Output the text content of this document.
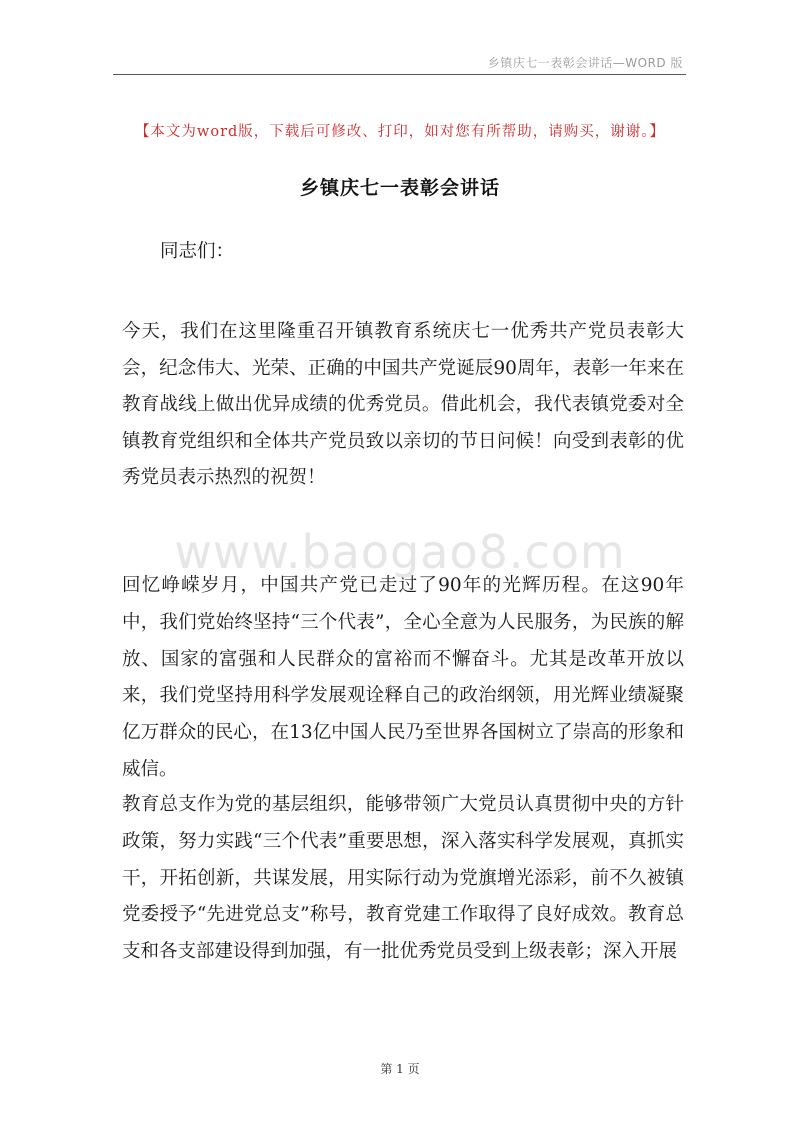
乡镇庆七一表彰会讲话—WORD 版
【本文为word版，下载后可修改、打印，如对您有所帮助，请购买，谢谢。】
乡镇庆七一表彰会讲话
同志们：

今天，我们在这里隆重召开镇教育系统庆七一优秀共产党员表彰大会，纪念伟大、光荣、正确的中国共产党诞辰90周年，表彰一年来在教育战线上做出优异成绩的优秀党员。借此机会，我代表镇党委对全镇教育党组织和全体共产党员致以亲切的节日问候！向受到表彰的优秀党员表示热烈的祝贺！

回忆峥嵘岁月，中国共产党已走过了90年的光辉历程。在这90年中，我们党始终坚持“三个代表”，全心全意为人民服务，为民族的解放、国家的富强和人民群众的富裕而不懈奋斗。尤其是改革开放以来，我们党坚持用科学发展观诠释自己的政治纲领，用光辉业绩凝聚亿万群众的民心，在13亿中国人民乃至世界各国树立了崇高的形象和威信。

教育总支作为党的基层组织，能够带领广大党员认真贯彻中央的方针政策，努力实践“三个代表”重要思想，深入落实科学发展观，真抓实干，开拓创新，共谋发展，用实际行动为党旗增光添彩，前不久被镇党委授予“先进党总支”称号，教育党建工作取得了良好成效。教育总支和各支部建设得到加强，有一批优秀党员受到上级表彰；深入开展

www.baogao8.com
第 1 页
